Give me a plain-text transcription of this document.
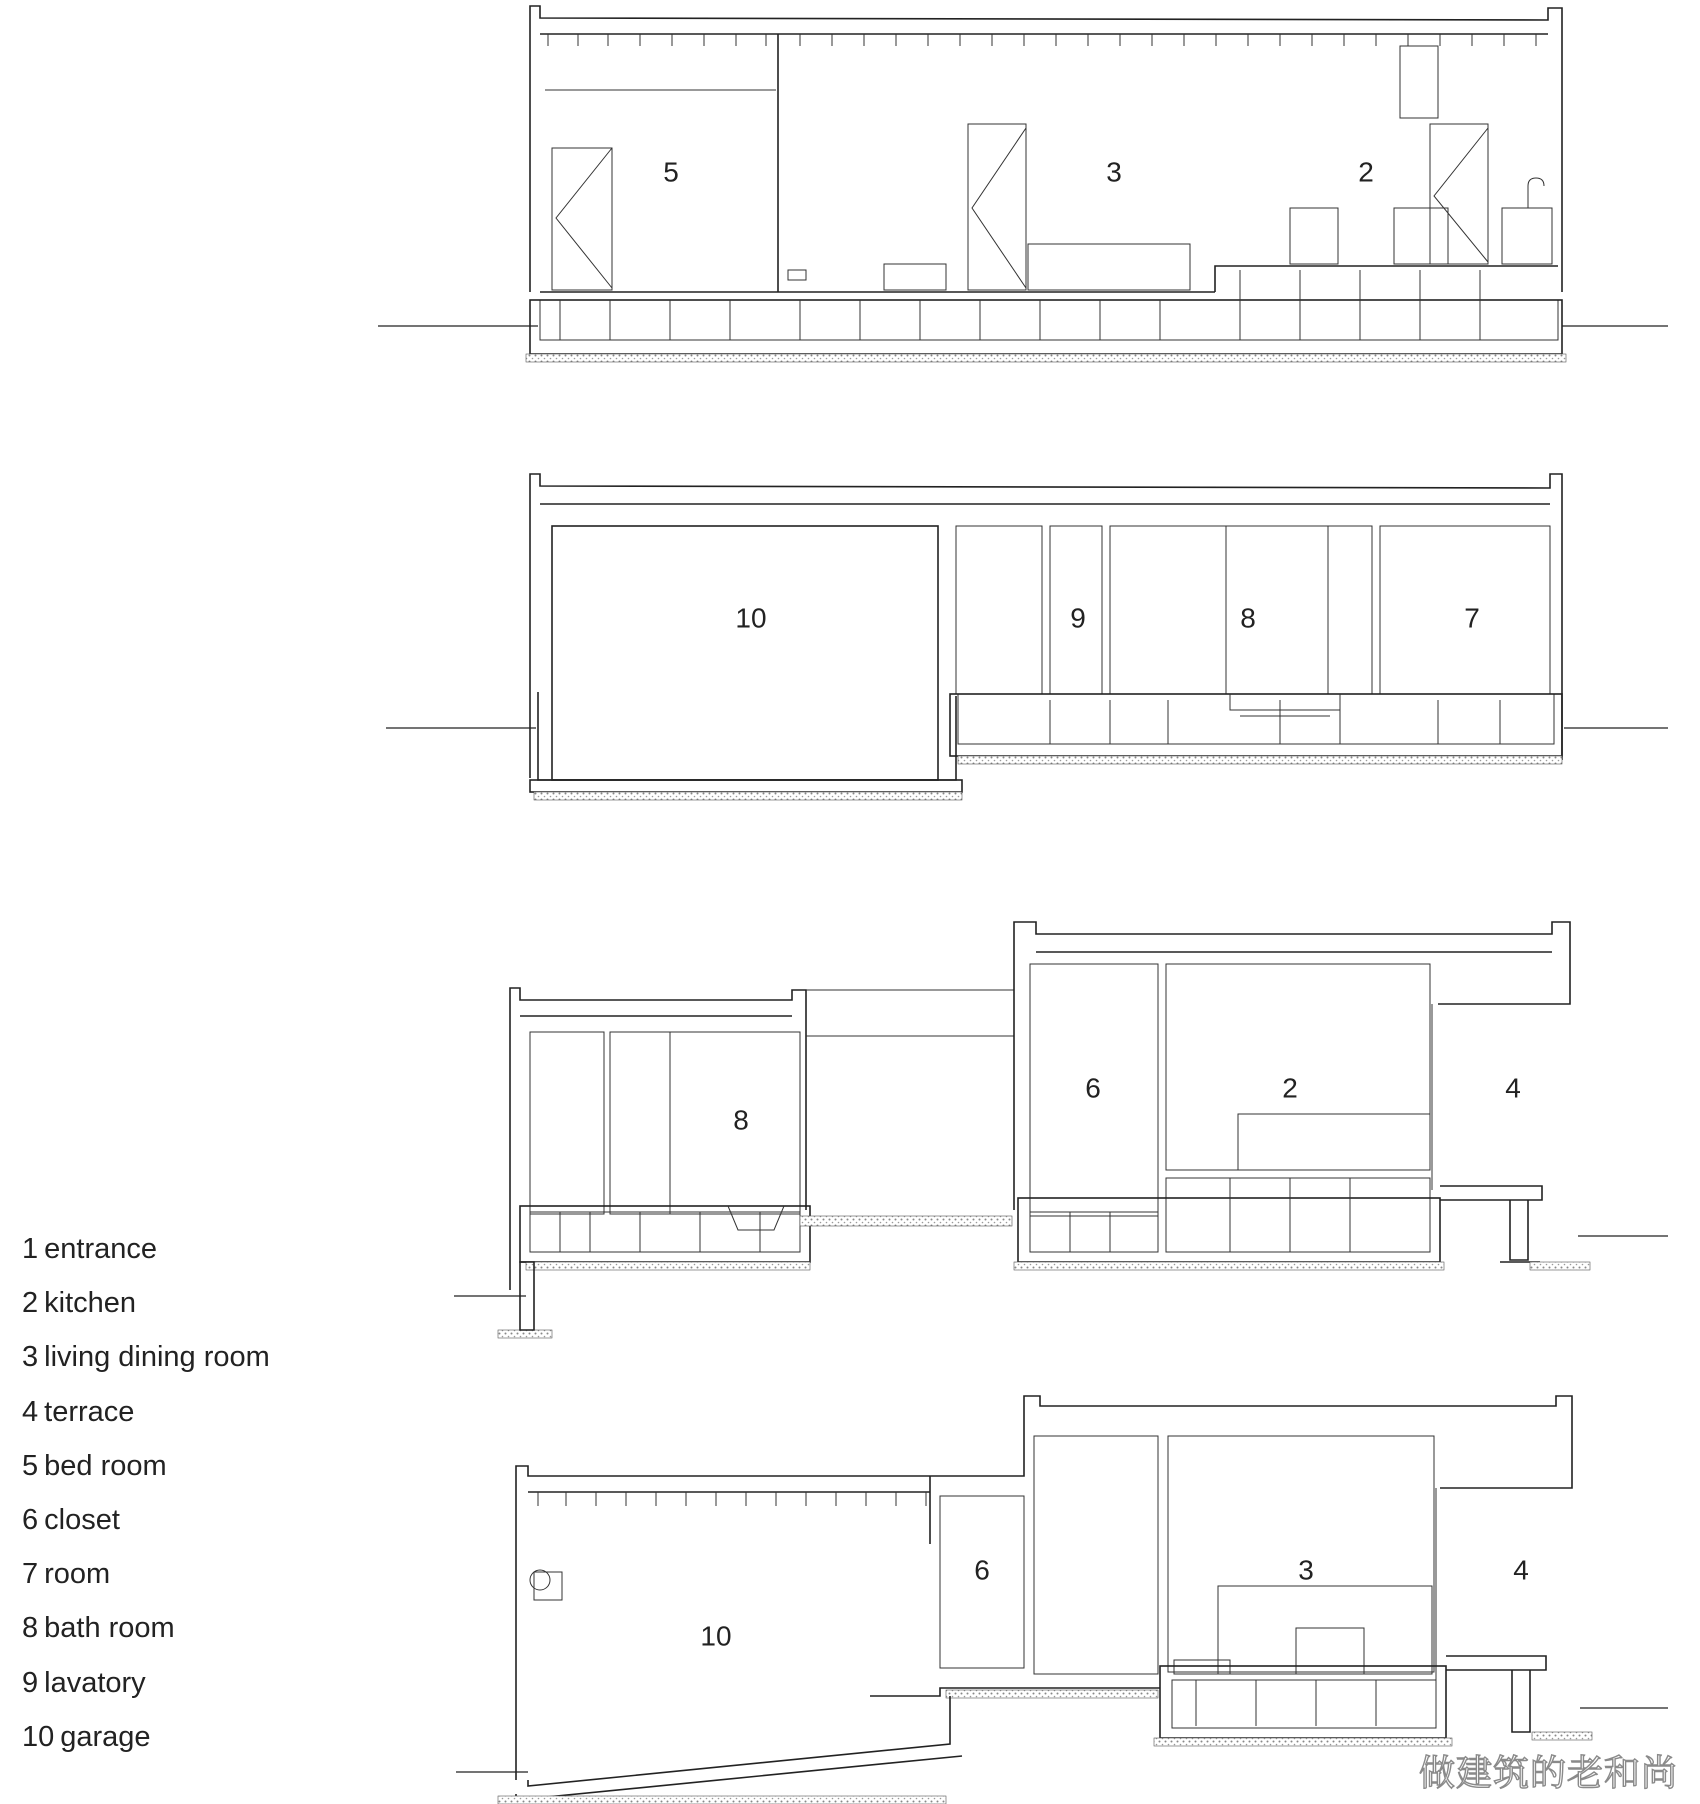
5	3	2
10	9	8	7
8
6	2	4
10
6	3	4
1 entrance
2 kitchen
3 living dining room
4 terrace
5 bed room
6 closet
7 room
8 bath room
9 lavatory
10 garage
做建筑的老和尚
